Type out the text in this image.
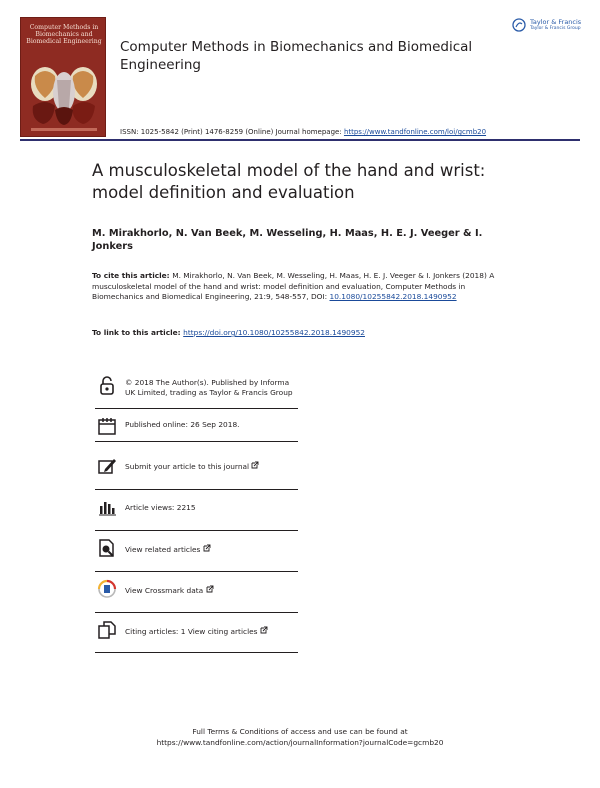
Computer Methods in Biomechanics and Biomedical Engineering Computer Methods in Biomechanics and Biomedical Engineering
Taylor & Francis
Taylor & Francis Group
ISSN: 1025-5842 (Print) 1476-8259 (Online) Journal homepage: https://www.tandfonline.com/loi/gcmb20
A musculoskeletal model of the hand and wrist: model definition and evaluation
M. Mirakhorlo, N. Van Beek, M. Wesseling, H. Maas, H. E. J. Veeger & I. Jonkers
To cite this article: M. Mirakhorlo, N. Van Beek, M. Wesseling, H. Maas, H. E. J. Veeger & I. Jonkers (2018) A musculoskeletal model of the hand and wrist: model definition and evaluation, Computer Methods in Biomechanics and Biomedical Engineering, 21:9, 548-557, DOI: 10.1080/10255842.2018.1490952
To link to this article: https://doi.org/10.1080/10255842.2018.1490952
© 2018 The Author(s). Published by Informa UK Limited, trading as Taylor & Francis Group
Published online: 26 Sep 2018.
Submit your article to this journal
Article views: 2215
View related articles
View Crossmark data
Citing articles: 1 View citing articles
Full Terms & Conditions of access and use can be found at
https://www.tandfonline.com/action/journalInformation?journalCode=gcmb20
